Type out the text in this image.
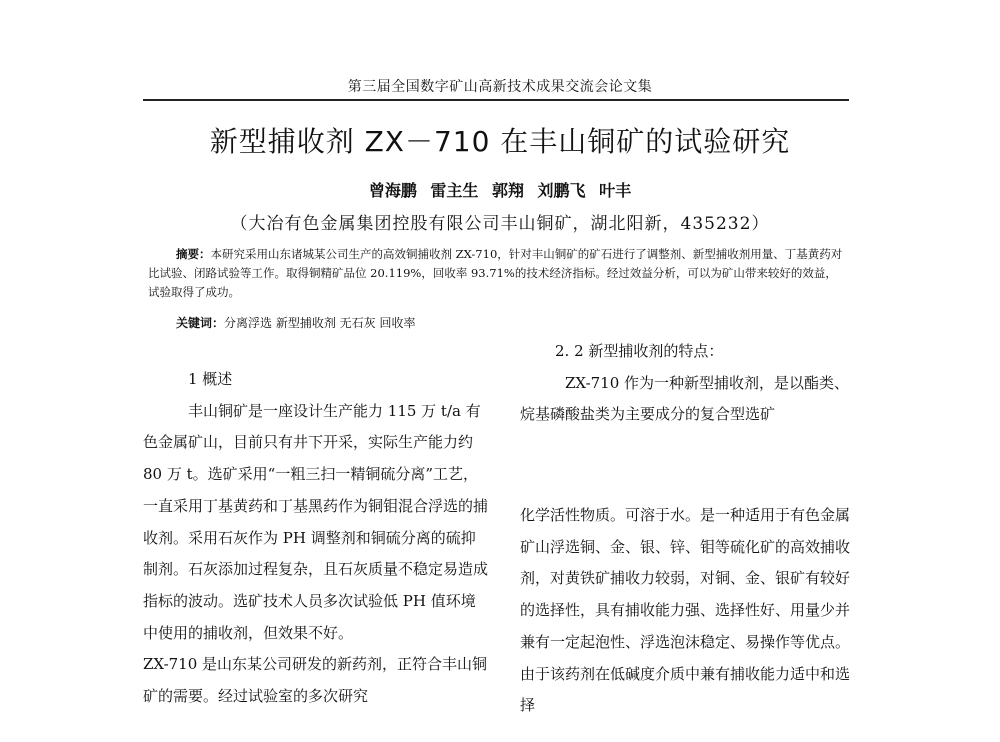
第三届全国数字矿山高新技术成果交流会论文集
新型捕收剂 ZX－710 在丰山铜矿的试验研究
曾海鹏 雷主生 郭翔 刘鹏飞 叶丰
（大冶有色金属集团控股有限公司丰山铜矿，湖北阳新，435232）
摘要：本研究采用山东诸城某公司生产的高效铜捕收剂 ZX-710，针对丰山铜矿的矿石进行了调整剂、新型捕收剂用量、丁基黄药对比试验、闭路试验等工作。取得铜精矿品位 20.119%，回收率 93.71%的技术经济指标。经过效益分析，可以为矿山带来较好的效益，试验取得了成功。
关键词：分离浮选 新型捕收剂 无石灰 回收率

1 概述

丰山铜矿是一座设计生产能力 115 万 t/a 有色金属矿山，目前只有井下开采，实际生产能力约 80 万 t。选矿采用“一粗三扫一精铜硫分离”工艺，一直采用丁基黄药和丁基黑药作为铜钼混合浮选的捕收剂。采用石灰作为 PH 调整剂和铜硫分离的硫抑制剂。石灰添加过程复杂，且石灰质量不稳定易造成指标的波动。选矿技术人员多次试验低 PH 值环境中使用的捕收剂，但效果不好。

ZX-710 是山东某公司研发的新药剂，正符合丰山铜矿的需要。经过试验室的多次研究

2. 2 新型捕收剂的特点：

ZX-710 作为一种新型捕收剂，是以酯类、烷基磷酸盐类为主要成分的复合型选矿

化学活性物质。可溶于水。是一种适用于有色金属矿山浮选铜、金、银、锌、钼等硫化矿的高效捕收剂，对黄铁矿捕收力较弱，对铜、金、银矿有较好的选择性，具有捕收能力强、选择性好、用量少并兼有一定起泡性、浮选泡沫稳定、易操作等优点。由于该药剂在低碱度介质中兼有捕收能力适中和选择
